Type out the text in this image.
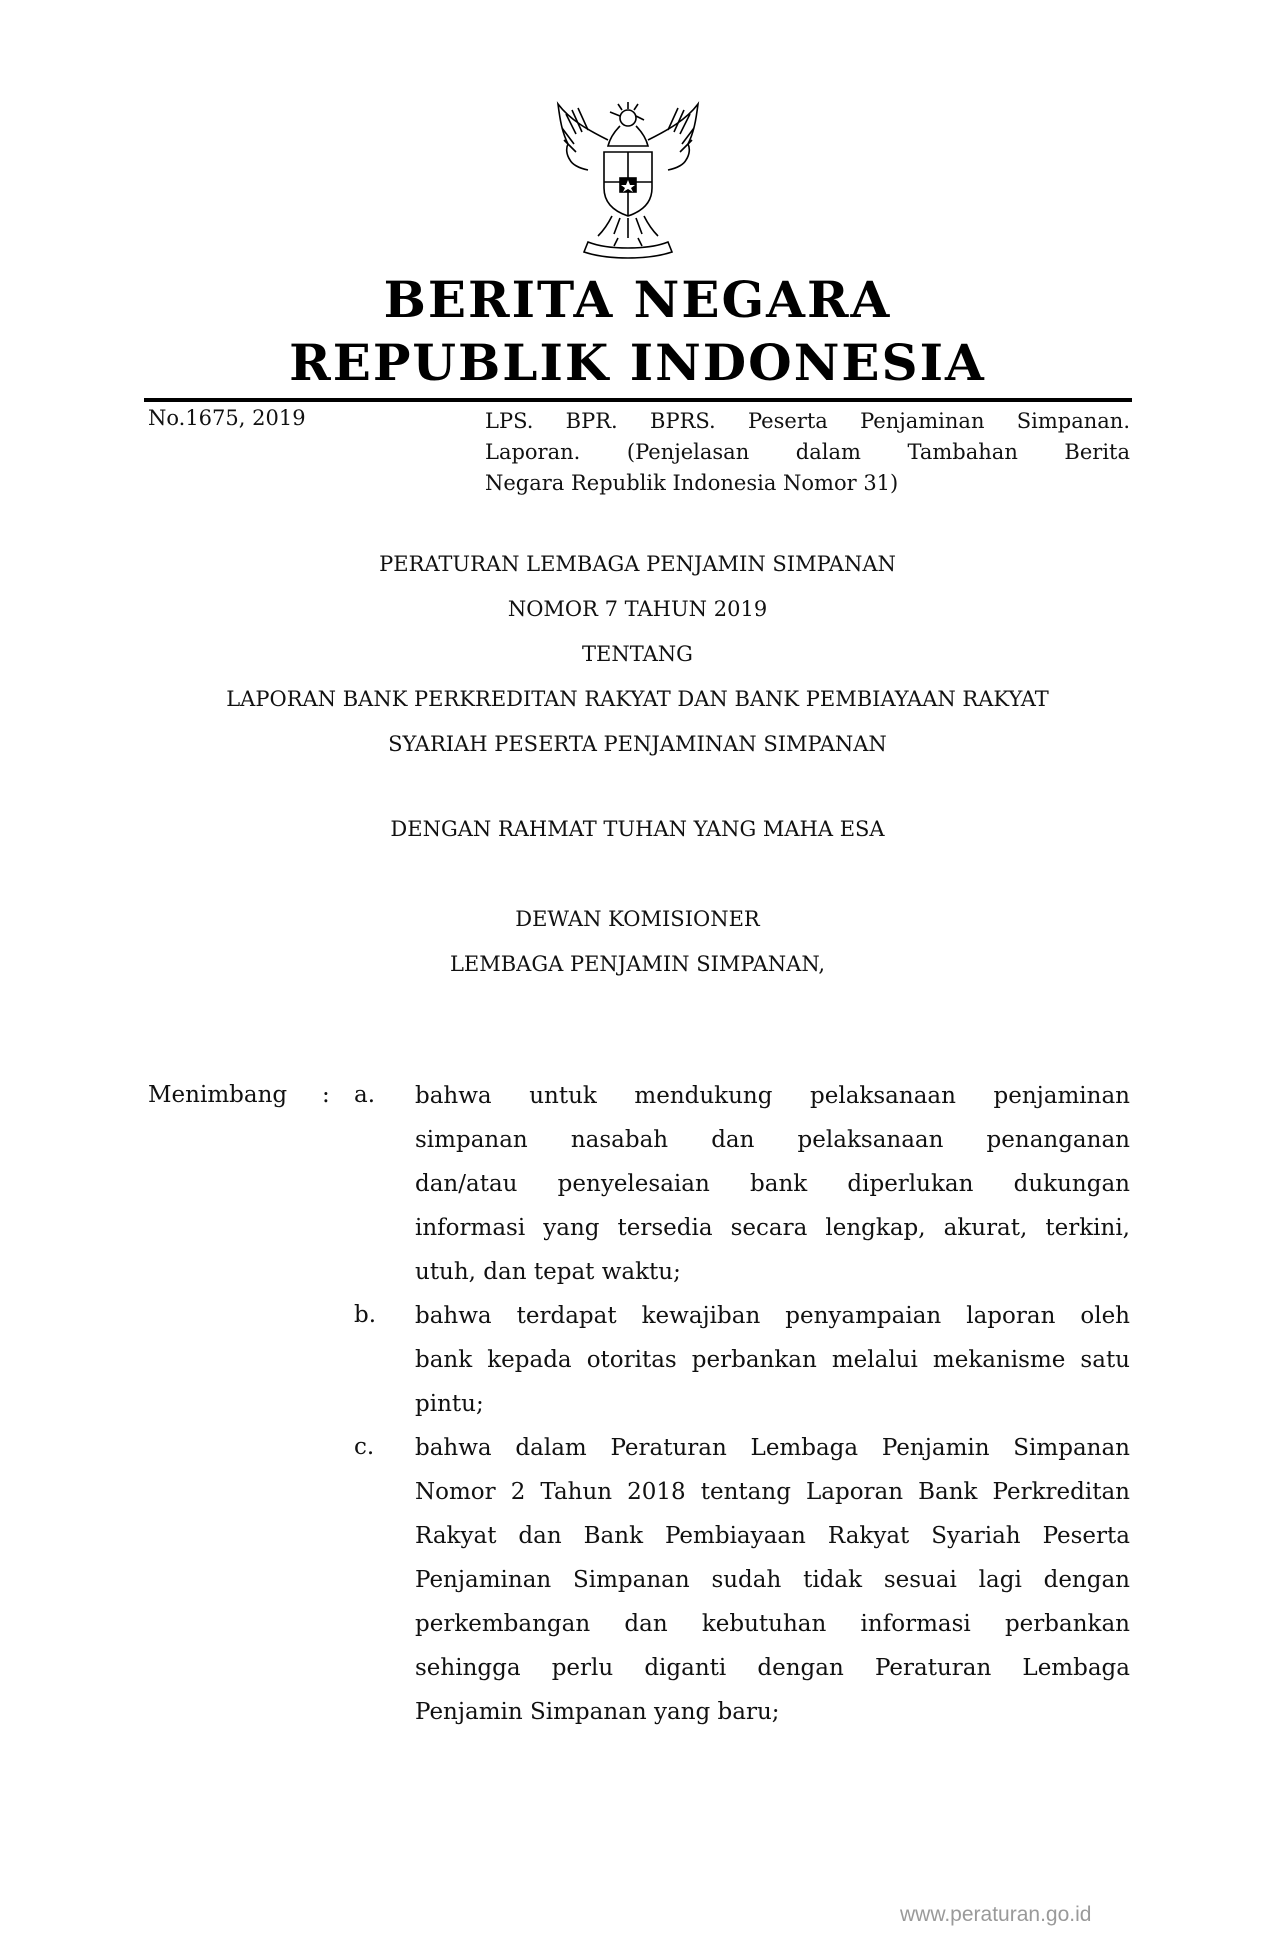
BERITA NEGARA
REPUBLIK INDONESIA
No.1675, 2019	LPS. BPR. BPRS. Peserta Penjaminan Simpanan.
Laporan. (Penjelasan dalam Tambahan Berita
Negara Republik Indonesia Nomor 31)
PERATURAN LEMBAGA PENJAMIN SIMPANAN
NOMOR 7 TAHUN 2019
TENTANG
LAPORAN BANK PERKREDITAN RAKYAT DAN BANK PEMBIAYAAN RAKYAT
SYARIAH PESERTA PENJAMINAN SIMPANAN
DENGAN RAHMAT TUHAN YANG MAHA ESA
DEWAN KOMISIONER
LEMBAGA PENJAMIN SIMPANAN,
Menimbang : a. bahwa untuk mendukung pelaksanaan penjaminan
simpanan nasabah dan pelaksanaan penanganan
dan/atau penyelesaian bank diperlukan dukungan
informasi yang tersedia secara lengkap, akurat, terkini,
utuh, dan tepat waktu;
b. bahwa terdapat kewajiban penyampaian laporan oleh
bank kepada otoritas perbankan melalui mekanisme satu
pintu;
c. bahwa dalam Peraturan Lembaga Penjamin Simpanan
Nomor 2 Tahun 2018 tentang Laporan Bank Perkreditan
Rakyat dan Bank Pembiayaan Rakyat Syariah Peserta
Penjaminan Simpanan sudah tidak sesuai lagi dengan
perkembangan dan kebutuhan informasi perbankan
sehingga perlu diganti dengan Peraturan Lembaga
Penjamin Simpanan yang baru;
www.peraturan.go.id
